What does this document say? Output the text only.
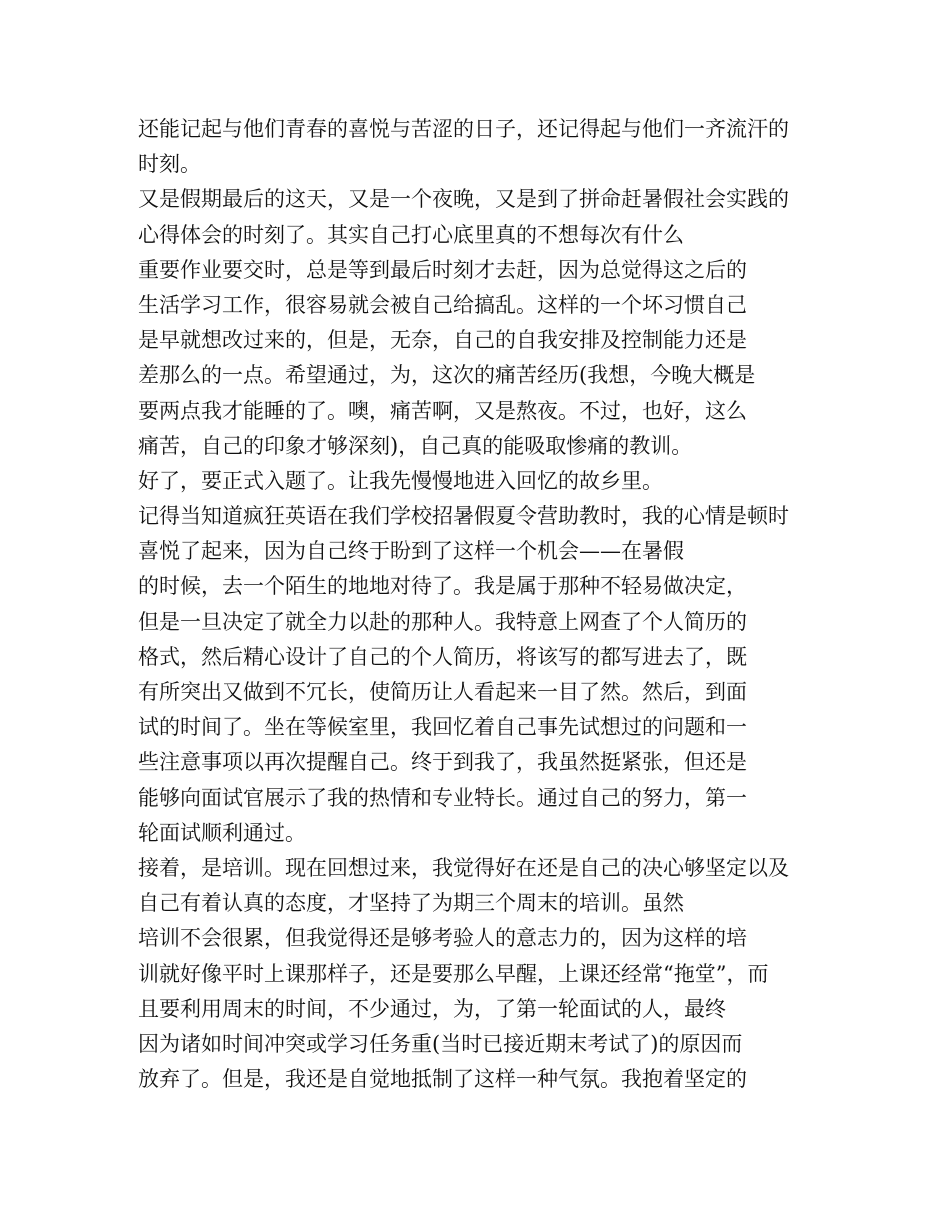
还能记起与他们青春的喜悦与苦涩的日子，还记得起与他们一齐流汗的
时刻。
又是假期最后的这天，又是一个夜晚，又是到了拼命赶暑假社会实践的
心得体会的时刻了。其实自己打心底里真的不想每次有什么
重要作业要交时，总是等到最后时刻才去赶，因为总觉得这之后的
生活学习工作，很容易就会被自己给搞乱。这样的一个坏习惯自己
是早就想改过来的，但是，无奈，自己的自我安排及控制能力还是
差那么的一点。希望通过，为，这次的痛苦经历(我想，今晚大概是
要两点我才能睡的了。噢，痛苦啊，又是熬夜。不过，也好，这么
痛苦，自己的印象才够深刻)，自己真的能吸取惨痛的教训。
好了，要正式入题了。让我先慢慢地进入回忆的故乡里。
记得当知道疯狂英语在我们学校招暑假夏令营助教时，我的心情是顿时
喜悦了起来，因为自己终于盼到了这样一个机会——在暑假
的时候，去一个陌生的地地对待了。我是属于那种不轻易做决定，
但是一旦决定了就全力以赴的那种人。我特意上网查了个人简历的
格式，然后精心设计了自己的个人简历，将该写的都写进去了，既
有所突出又做到不冗长，使简历让人看起来一目了然。然后，到面
试的时间了。坐在等候室里，我回忆着自己事先试想过的问题和一
些注意事项以再次提醒自己。终于到我了，我虽然挺紧张，但还是
能够向面试官展示了我的热情和专业特长。通过自己的努力，第一
轮面试顺利通过。
接着，是培训。现在回想过来，我觉得好在还是自己的决心够坚定以及
自己有着认真的态度，才坚持了为期三个周末的培训。虽然
培训不会很累，但我觉得还是够考验人的意志力的，因为这样的培
训就好像平时上课那样子，还是要那么早醒，上课还经常“拖堂”，而
且要利用周末的时间，不少通过，为，了第一轮面试的人，最终
因为诸如时间冲突或学习任务重(当时已接近期末考试了)的原因而
放弃了。但是，我还是自觉地抵制了这样一种气氛。我抱着坚定的
